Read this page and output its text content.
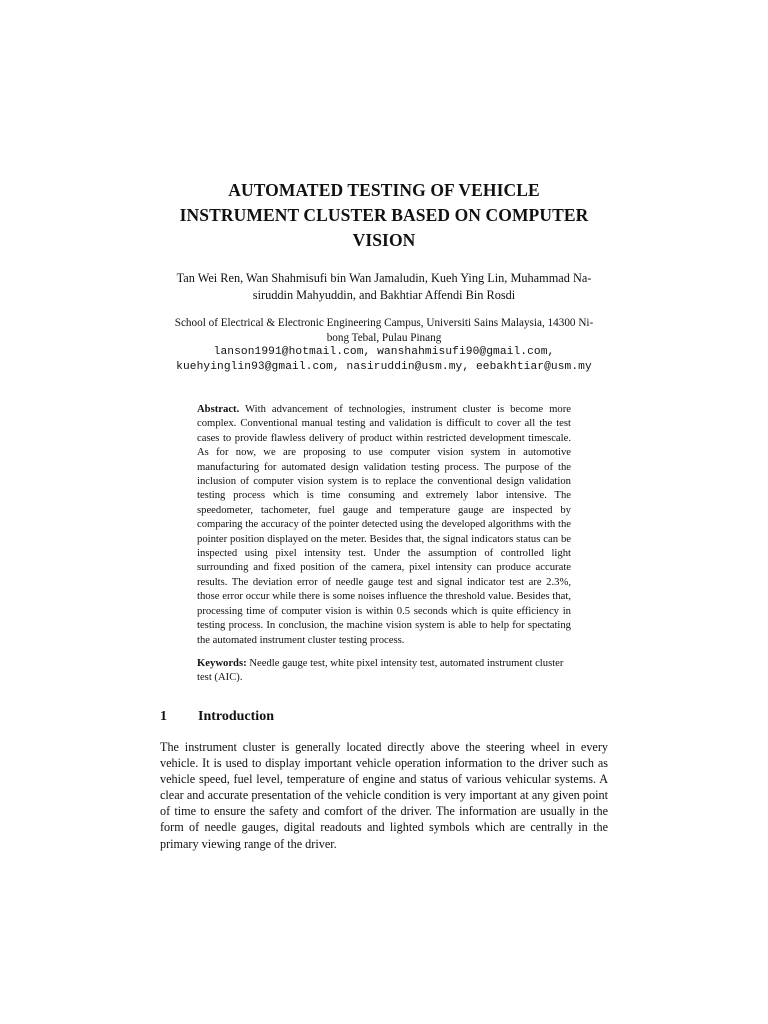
AUTOMATED TESTING OF VEHICLE
INSTRUMENT CLUSTER BASED ON COMPUTER
VISION
Tan Wei Ren, Wan Shahmisufi bin Wan Jamaludin, Kueh Ying Lin, Muhammad Na-
siruddin Mahyuddin, and Bakhtiar Affendi Bin Rosdi
School of Electrical & Electronic Engineering Campus, Universiti Sains Malaysia, 14300 Ni-
bong Tebal, Pulau Pinang
lanson1991@hotmail.com, wanshahmisufi90@gmail.com,
kuehyinglin93@gmail.com, nasiruddin@usm.my, eebakhtiar@usm.my
Abstract. With advancement of technologies, instrument cluster is become more complex. Conventional manual testing and validation is difficult to cover all the test cases to provide flawless delivery of product within restricted development timescale. As for now, we are proposing to use computer vision system in automotive manufacturing for automated design validation testing process. The purpose of the inclusion of computer vision system is to replace the conventional design validation testing process which is time consuming and extremely labor intensive. The speedometer, tachometer, fuel gauge and temperature gauge are inspected by comparing the accuracy of the pointer detected using the developed algorithms with the pointer position displayed on the meter. Besides that, the signal indicators status can be inspected using pixel intensity test. Under the assumption of controlled light surrounding and fixed position of the camera, pixel intensity can produce accurate results. The deviation error of needle gauge test and signal indicator test are 2.3%, those error occur while there is some noises influence the threshold value. Besides that, processing time of computer vision is within 0.5 seconds which is quite efficiency in testing process. In conclusion, the machine vision system is able to help for spectating the automated instrument cluster testing process.
Keywords: Needle gauge test, white pixel intensity test, automated instrument cluster test (AIC).
1 Introduction
The instrument cluster is generally located directly above the steering wheel in every vehicle. It is used to display important vehicle operation information to the driver such as vehicle speed, fuel level, temperature of engine and status of various vehicular systems. A clear and accurate presentation of the vehicle condition is very important at any given point of time to ensure the safety and comfort of the driver. The information are usually in the form of needle gauges, digital readouts and lighted symbols which are centrally in the primary viewing range of the driver.
